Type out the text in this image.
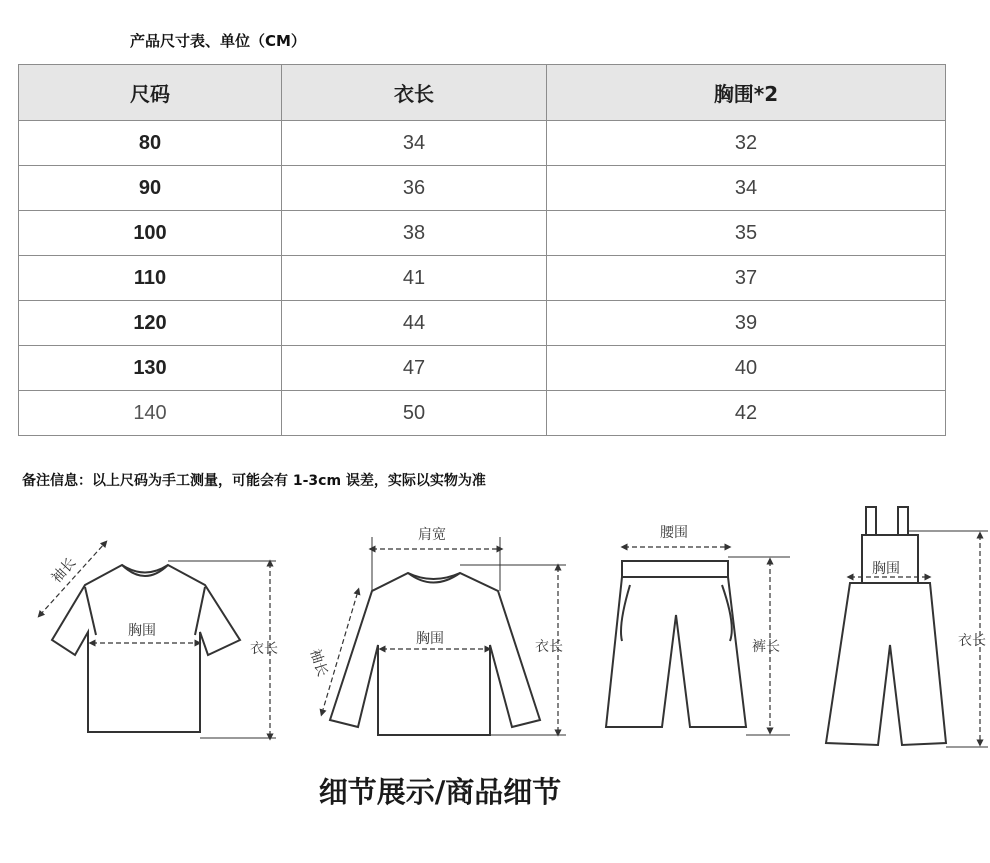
产品尺寸表、单位（CM）
尺码	衣长	胸围*2
80	34	32
90	36	34
100	38	35
110	41	37
120	44	39
130	47	40
140	50	42
备注信息：以上尺码为手工测量，可能会有 1-3cm 误差，实际以实物为准
袖长
胸围
衣长
肩宽
袖长
胸围	衣长
腰围
裤长
胸围
衣长
细节展示/商品细节
